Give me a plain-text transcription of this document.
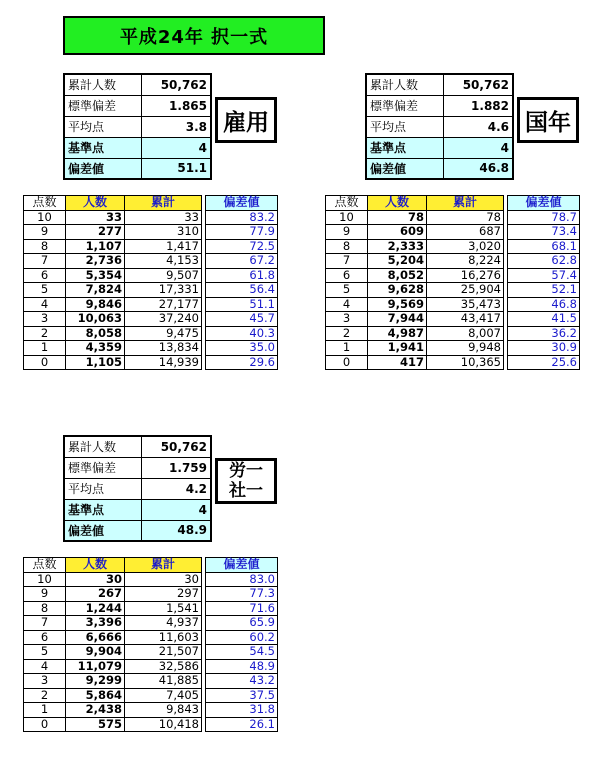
平成24年 択一式
累計人数	50,762
標準偏差	1.865
平均点	3.8
基準点	4
偏差値	51.1
雇用
点数	人数	累計		偏差値
10	33	33		83.2
9	277	310		77.9
8	1,107	1,417		72.5
7	2,736	4,153		67.2
6	5,354	9,507		61.8
5	7,824	17,331		56.4
4	9,846	27,177		51.1
3	10,063	37,240		45.7
2	8,058	9,475		40.3
1	4,359	13,834		35.0
0	1,105	14,939		29.6
累計人数	50,762
標準偏差	1.882
平均点	4.6
基準点	4
偏差値	46.8
国年
点数	人数	累計		偏差値
10	78	78		78.7
9	609	687		73.4
8	2,333	3,020		68.1
7	5,204	8,224		62.8
6	8,052	16,276		57.4
5	9,628	25,904		52.1
4	9,569	35,473		46.8
3	7,944	43,417		41.5
2	4,987	8,007		36.2
1	1,941	9,948		30.9
0	417	10,365		25.6
累計人数	50,762
標準偏差	1.759
平均点	4.2
基準点	4
偏差値	48.9
労一
社一
点数	人数	累計		偏差値
10	30	30		83.0
9	267	297		77.3
8	1,244	1,541		71.6
7	3,396	4,937		65.9
6	6,666	11,603		60.2
5	9,904	21,507		54.5
4	11,079	32,586		48.9
3	9,299	41,885		43.2
2	5,864	7,405		37.5
1	2,438	9,843		31.8
0	575	10,418		26.1
